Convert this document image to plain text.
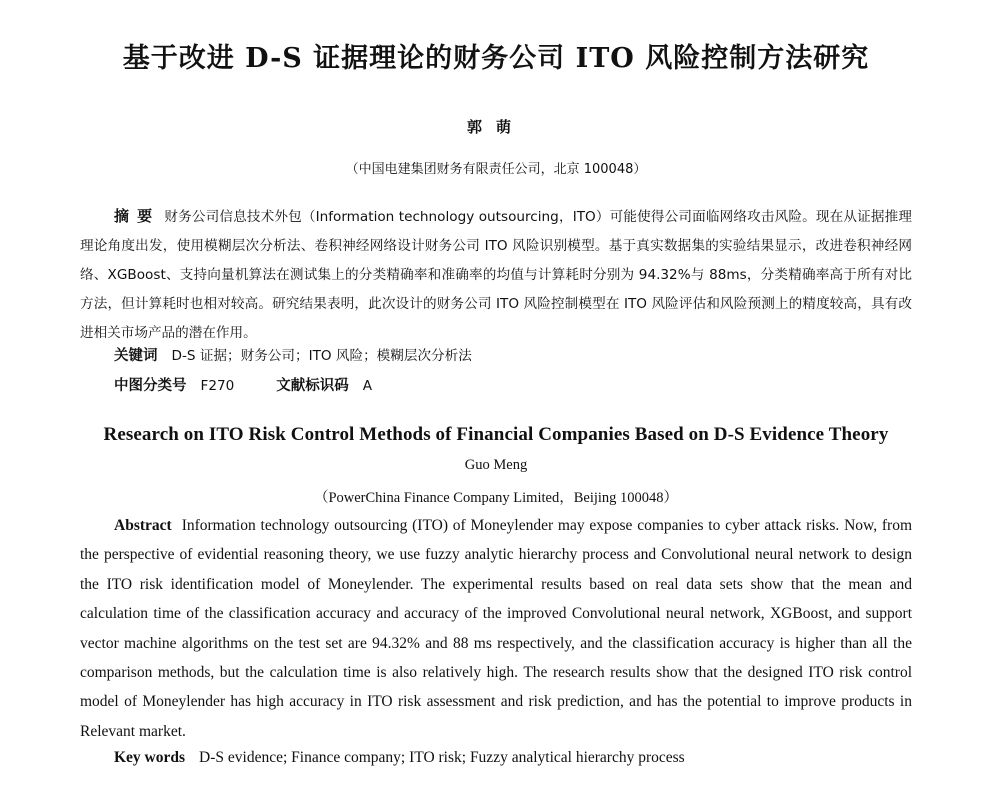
基于改进 D-S 证据理论的财务公司 ITO 风险控制方法研究

郭萌

（中国电建集团财务有限责任公司，北京 100048）

摘要 财务公司信息技术外包（Information technology outsourcing，ITO）可能使得公司面临网络攻击风险。现在从证据推理理论角度出发，使用模糊层次分析法、卷积神经网络设计财务公司 ITO 风险识别模型。基于真实数据集的实验结果显示，改进卷积神经网络、XGBoost、支持向量机算法在测试集上的分类精确率和准确率的均值与计算耗时分别为 94.32%与 88ms，分类精确率高于所有对比方法，但计算耗时也相对较高。研究结果表明，此次设计的财务公司 ITO 风险控制模型在 ITO 风险评估和风险预测上的精度较高，具有改进相关市场产品的潜在作用。

关键词 D-S 证据；财务公司；ITO 风险；模糊层次分析法

中图分类号 F270	文献标识码 A

Research on ITO Risk Control Methods of Financial Companies Based on D-S Evidence Theory

Guo Meng

（PowerChina Finance Company Limited，Beijing 100048）

Abstract Information technology outsourcing (ITO) of Moneylender may expose companies to cyber attack risks. Now, from the perspective of evidential reasoning theory, we use fuzzy analytic hierarchy process and Convolutional neural network to design the ITO risk identification model of Moneylender. The experimental results based on real data sets show that the mean and calculation time of the classification accuracy and accuracy of the improved Convolutional neural network, XGBoost, and support vector machine algorithms on the test set are 94.32% and 88 ms respectively, and the classification accuracy is higher than all the comparison methods, but the calculation time is also relatively high. The research results show that the designed ITO risk control model of Moneylender has high accuracy in ITO risk assessment and risk prediction, and has the potential to improve products in Relevant market.

Key words D-S evidence; Finance company; ITO risk; Fuzzy analytical hierarchy process
